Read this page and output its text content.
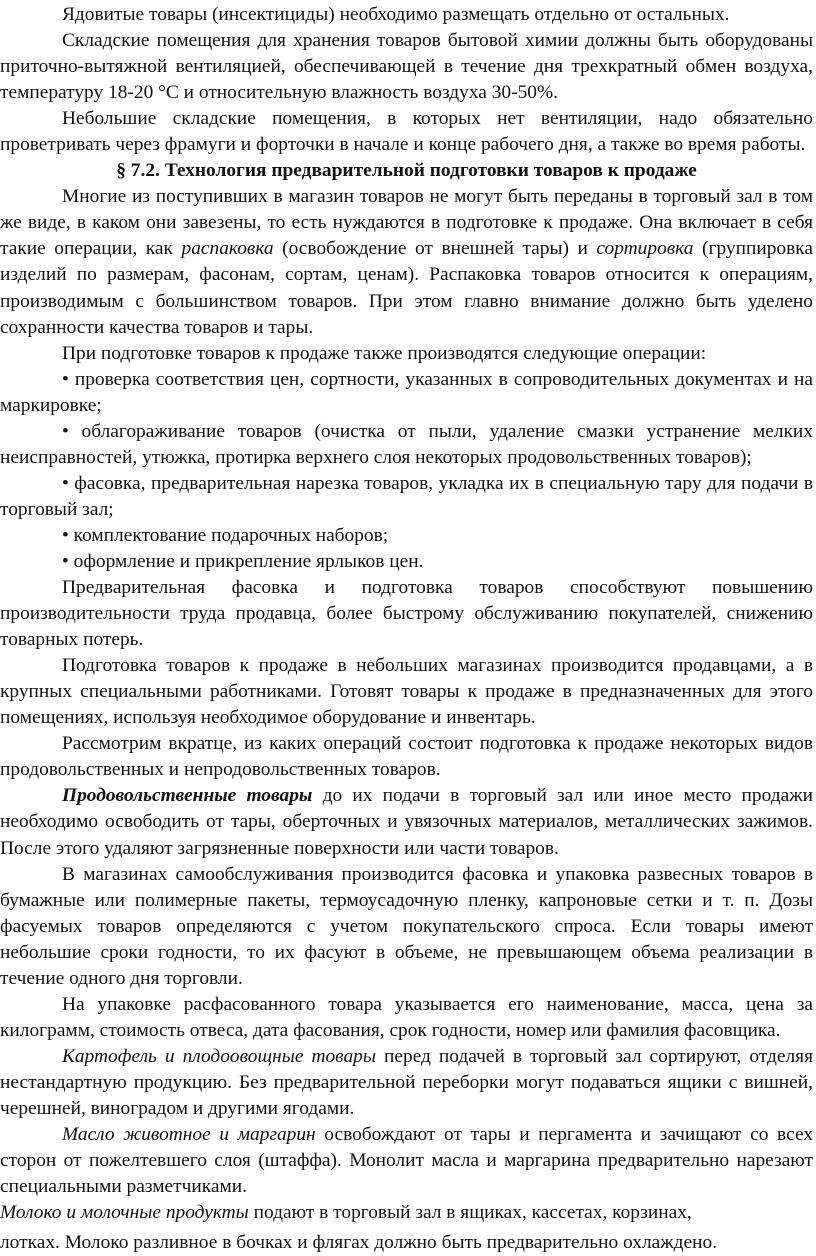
Ядовитые товары (инсектициды) необходимо размещать отдельно от остальных.

Складские помещения для хранения товаров бытовой химии должны быть оборудованы приточно-вытяжной вентиляцией, обеспечивающей в течение дня трехкратный обмен воздуха, температуру 18-20 °С и относительную влажность воздуха 30-50%.

Небольшие складские помещения, в которых нет вентиляции, надо обязательно проветривать через фрамуги и форточки в начале и конце рабочего дня, а также во время работы.

§ 7.2. Технология предварительной подготовки товаров к продаже

Многие из поступивших в магазин товаров не могут быть переданы в торговый зал в том же виде, в каком они завезены, то есть нуждаются в подготовке к продаже. Она включает в себя такие операции, как распаковка (освобождение от внешней тары) и сортировка (группировка изделий по размерам, фасонам, сортам, ценам). Распаковка товаров относится к операциям, производимым с большинством товаров. При этом главно внимание должно быть уделено сохранности качества товаров и тары.

При подготовке товаров к продаже также производятся следующие операции:

• проверка соответствия цен, сортности, указанных в сопроводительных документах и на маркировке;

• облагораживание товаров (очистка от пыли, удаление смазки устранение мелких неисправностей, утюжка, протирка верхнего слоя некоторых продовольственных товаров);

• фасовка, предварительная нарезка товаров, укладка их в специальную тару для подачи в торговый зал;

• комплектование подарочных наборов;

• оформление и прикрепление ярлыков цен.

Предварительная фасовка и подготовка товаров способствуют повышению производительности труда продавца, более быстрому обслуживанию покупателей, снижению товарных потерь.

Подготовка товаров к продаже в небольших магазинах производится продавцами, а в крупных специальными работниками. Готовят товары к продаже в предназначенных для этого помещениях, используя необходимое оборудование и инвентарь.

Рассмотрим вкратце, из каких операций состоит подготовка к продаже некоторых видов продовольственных и непродовольственных товаров.

Продовольственные товары до их подачи в торговый зал или иное место продажи необходимо освободить от тары, оберточных и увязочных материалов, металлических зажимов. После этого удаляют загрязненные поверхности или части товаров.

В магазинах самообслуживания производится фасовка и упаковка развесных товаров в бумажные или полимерные пакеты, термоусадочную пленку, капроновые сетки и т. п. Дозы фасуемых товаров определяются с учетом покупательского спроса. Если товары имеют небольшие сроки годности, то их фасуют в объеме, не превышающем объема реализации в течение одного дня торговли.

На упаковке расфасованного товара указывается его наименование, масса, цена за килограмм, стоимость отвеса, дата фасования, срок годности, номер или фамилия фасовщика.

Картофель и плодоовощные товары перед подачей в торговый зал сортируют, отделяя нестандартную продукцию. Без предварительной переборки могут подаваться ящики с вишней, черешней, виноградом и другими ягодами.

Масло животное и маргарин освобождают от тары и пергамента и зачищают со всех сторон от пожелтевшего слоя (штаффа). Монолит масла и маргарина предварительно нарезают специальными разметчиками.

Молоко и молочные продукты подают в торговый зал в ящиках, кассетах, корзинах,

лотках. Молоко разливное в бочках и флягах должно быть предварительно охлаждено.
